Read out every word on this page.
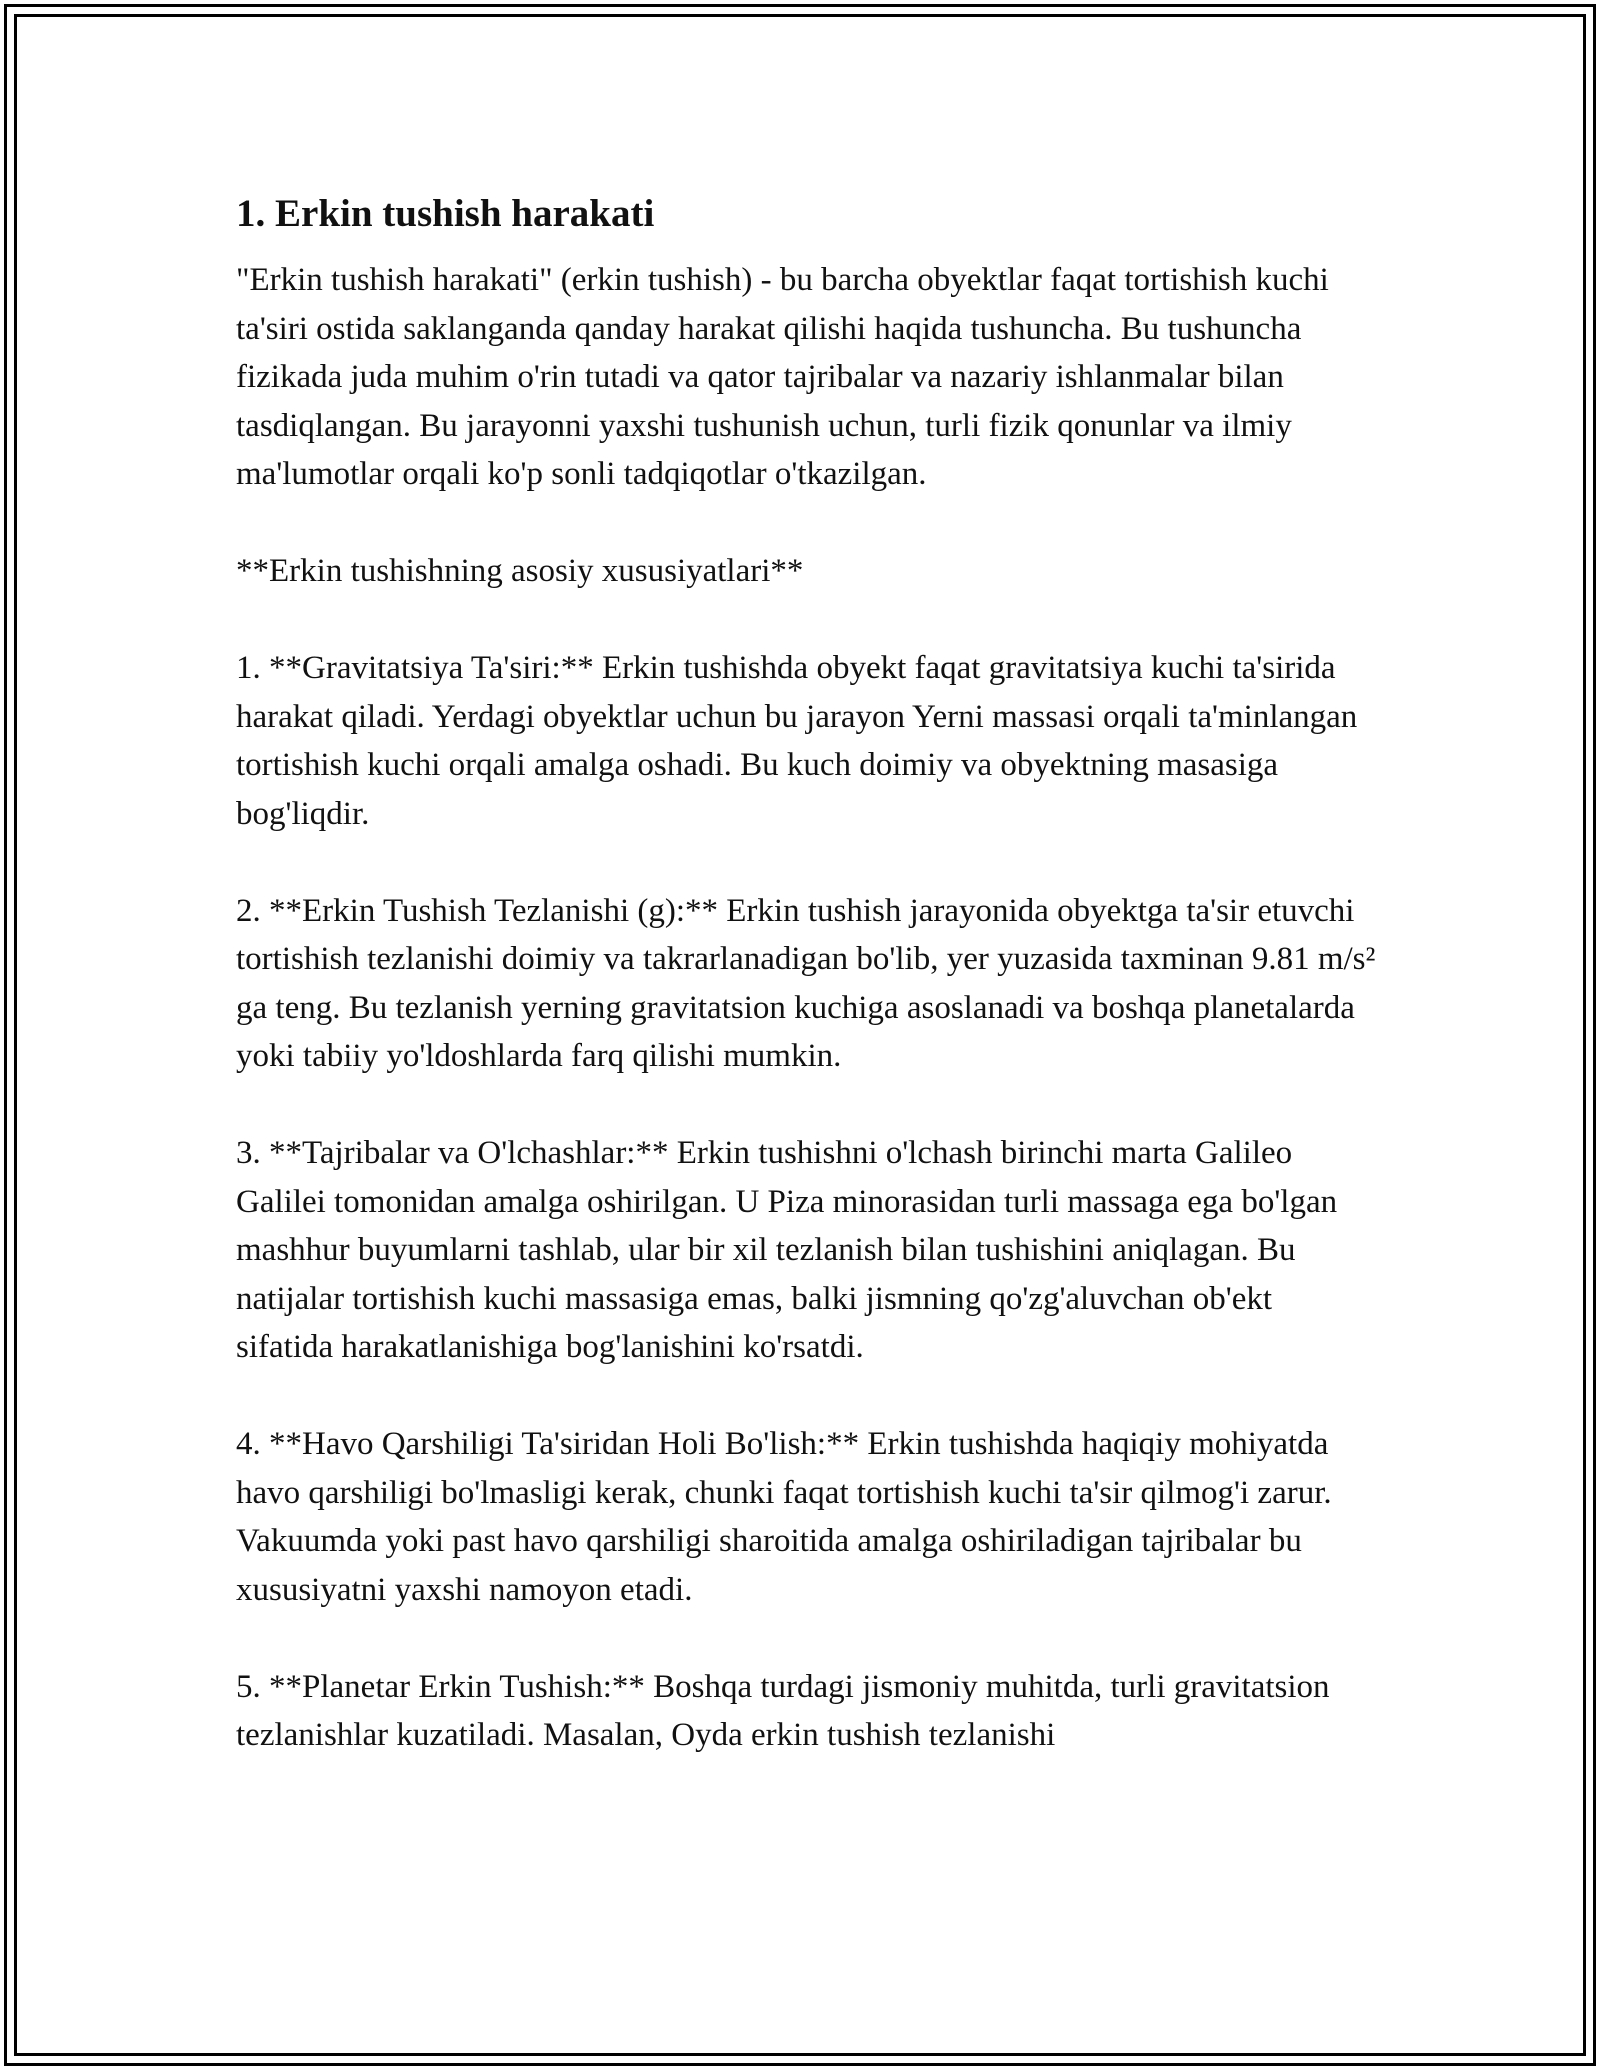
1. Erkin tushish harakati

"Erkin tushish harakati" (erkin tushish) - bu barcha obyektlar faqat tortishish kuchi ta'siri ostida saklanganda qanday harakat qilishi haqida tushuncha. Bu tushuncha fizikada juda muhim o'rin tutadi va qator tajribalar va nazariy ishlanmalar bilan tasdiqlangan. Bu jarayonni yaxshi tushunish uchun, turli fizik qonunlar va ilmiy ma'lumotlar orqali ko'p sonli tadqiqotlar o'tkazilgan.

**Erkin tushishning asosiy xususiyatlari**

1. **Gravitatsiya Ta'siri:** Erkin tushishda obyekt faqat gravitatsiya kuchi ta'sirida harakat qiladi. Yerdagi obyektlar uchun bu jarayon Yerni massasi orqali ta'minlangan tortishish kuchi orqali amalga oshadi. Bu kuch doimiy va obyektning masasiga bog'liqdir.

2. **Erkin Tushish Tezlanishi (g):** Erkin tushish jarayonida obyektga ta'sir etuvchi tortishish tezlanishi doimiy va takrarlanadigan bo'lib, yer yuzasida taxminan 9.81 m/s² ga teng. Bu tezlanish yerning gravitatsion kuchiga asoslanadi va boshqa planetalarda yoki tabiiy yo'ldoshlarda farq qilishi mumkin.

3. **Tajribalar va O'lchashlar:** Erkin tushishni o'lchash birinchi marta Galileo Galilei tomonidan amalga oshirilgan. U Piza minorasidan turli massaga ega bo'lgan mashhur buyumlarni tashlab, ular bir xil tezlanish bilan tushishini aniqlagan. Bu natijalar tortishish kuchi massasiga emas, balki jismning qo'zg'aluvchan ob'ekt sifatida harakatlanishiga bog'lanishini ko'rsatdi.

4. **Havo Qarshiligi Ta'siridan Holi Bo'lish:** Erkin tushishda haqiqiy mohiyatda havo qarshiligi bo'lmasligi kerak, chunki faqat tortishish kuchi ta'sir qilmog'i zarur. Vakuumda yoki past havo qarshiligi sharoitida amalga oshiriladigan tajribalar bu xususiyatni yaxshi namoyon etadi.

5. **Planetar Erkin Tushish:** Boshqa turdagi jismoniy muhitda, turli gravitatsion tezlanishlar kuzatiladi. Masalan, Oyda erkin tushish tezlanishi
